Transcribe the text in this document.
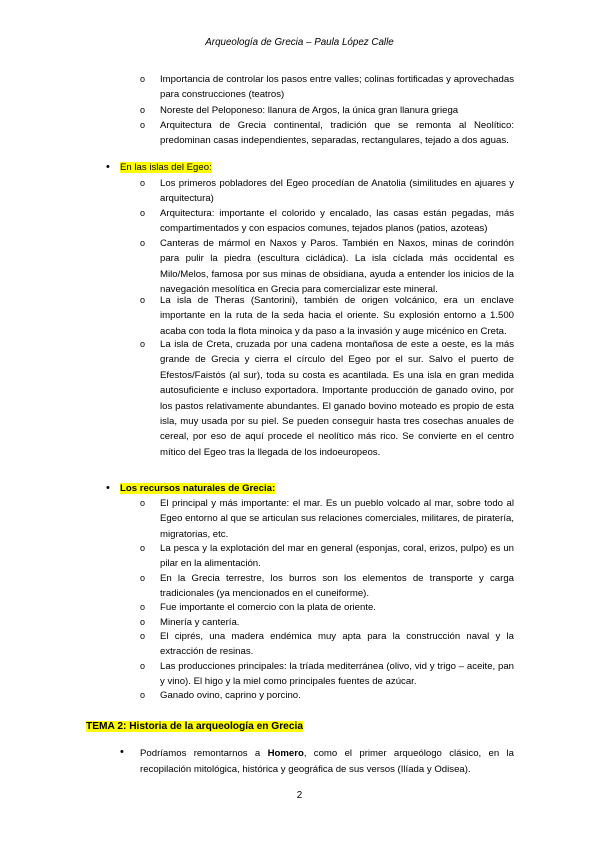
Arqueología de Grecia – Paula López Calle
o Importancia de controlar los pasos entre valles; colinas fortificadas y aprovechadas para construcciones (teatros)
o Noreste del Peloponeso: llanura de Argos, la única gran llanura griega
o Arquitectura de Grecia continental, tradición que se remonta al Neolítico: predominan casas independientes, separadas, rectangulares, tejado a dos aguas.
• En las islas del Egeo:
o Los primeros pobladores del Egeo procedían de Anatolia (similitudes en ajuares y arquitectura)
o Arquitectura: importante el colorido y encalado, las casas están pegadas, más compartimentados y con espacios comunes, tejados planos (patios, azoteas)
o Canteras de mármol en Naxos y Paros. También en Naxos, minas de corindón para pulir la piedra (escultura cicládica). La isla cíclada más occidental es Milo/Melos, famosa por sus minas de obsidiana, ayuda a entender los inicios de la navegación mesolítica en Grecia para comercializar este mineral.
o La isla de Theras (Santorini), también de origen volcánico, era un enclave importante en la ruta de la seda hacia el oriente. Su explosión entorno a 1.500 acaba con toda la flota minoica y da paso a la invasión y auge micénico en Creta.
o La isla de Creta, cruzada por una cadena montañosa de este a oeste, es la más grande de Grecia y cierra el círculo del Egeo por el sur. Salvo el puerto de Efestos/Faistós (al sur), toda su costa es acantilada. Es una isla en gran medida autosuficiente e incluso exportadora. Importante producción de ganado ovino, por los pastos relativamente abundantes. El ganado bovino moteado es propio de esta isla, muy usada por su piel. Se pueden conseguir hasta tres cosechas anuales de cereal, por eso de aquí procede el neolítico más rico. Se convierte en el centro mítico del Egeo tras la llegada de los indoeuropeos.
• Los recursos naturales de Grecia:
o El principal y más importante: el mar. Es un pueblo volcado al mar, sobre todo al Egeo entorno al que se articulan sus relaciones comerciales, militares, de piratería, migratorias, etc.
o La pesca y la explotación del mar en general (esponjas, coral, erizos, pulpo) es un pilar en la alimentación.
o En la Grecia terrestre, los burros son los elementos de transporte y carga tradicionales (ya mencionados en el cuneiforme).
o Fue importante el comercio con la plata de oriente.
o Minería y cantería.
o El ciprés, una madera endémica muy apta para la construcción naval y la extracción de resinas.
o Las producciones principales: la tríada mediterránea (olivo, vid y trigo – aceite, pan y vino). El higo y la miel como principales fuentes de azúcar.
o Ganado ovino, caprino y porcino.
TEMA 2: Historia de la arqueología en Grecia
• Podríamos remontarnos a Homero, como el primer arqueólogo clásico, en la recopilación mitológica, histórica y geográfica de sus versos (Ilíada y Odisea).
2
